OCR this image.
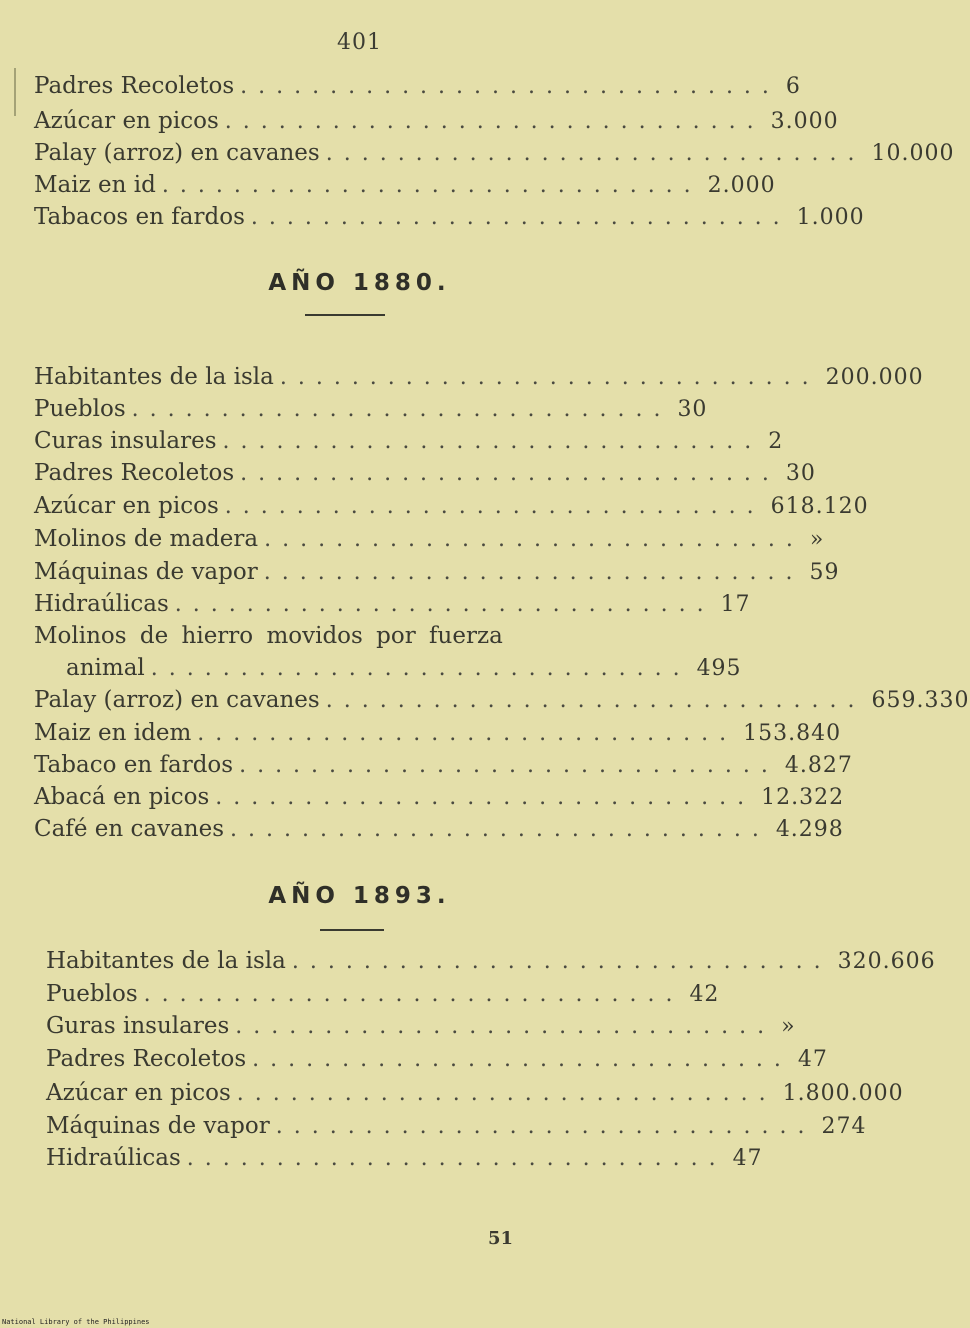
401
Padres Recoletos .............................. 6
Azúcar en picos .............................. 3.000
Palay (arroz) en cavanes .............................. 10.000
Maiz en id .............................. 2.000
Tabacos en fardos .............................. 1.000
AÑO 1880.
Habitantes de la isla .............................. 200.000
Pueblos .............................. 30
Curas insulares .............................. 2
Padres Recoletos .............................. 30
Azúcar en picos .............................. 618.120
Molinos de madera .............................. »
Máquinas de vapor .............................. 59
Hidraúlicas .............................. 17
Molinos de hierro movidos por fuerza
animal .............................. 495
Palay (arroz) en cavanes .............................. 659.330
Maiz en idem .............................. 153.840
Tabaco en fardos .............................. 4.827
Abacá en picos .............................. 12.322
Café en cavanes .............................. 4.298
AÑO 1893.
Habitantes de la isla .............................. 320.606
Pueblos .............................. 42
Guras insulares .............................. »
Padres Recoletos .............................. 47
Azúcar en picos .............................. 1.800.000
Máquinas de vapor .............................. 274
Hidraúlicas .............................. 47
51
National Library of the Philippines
